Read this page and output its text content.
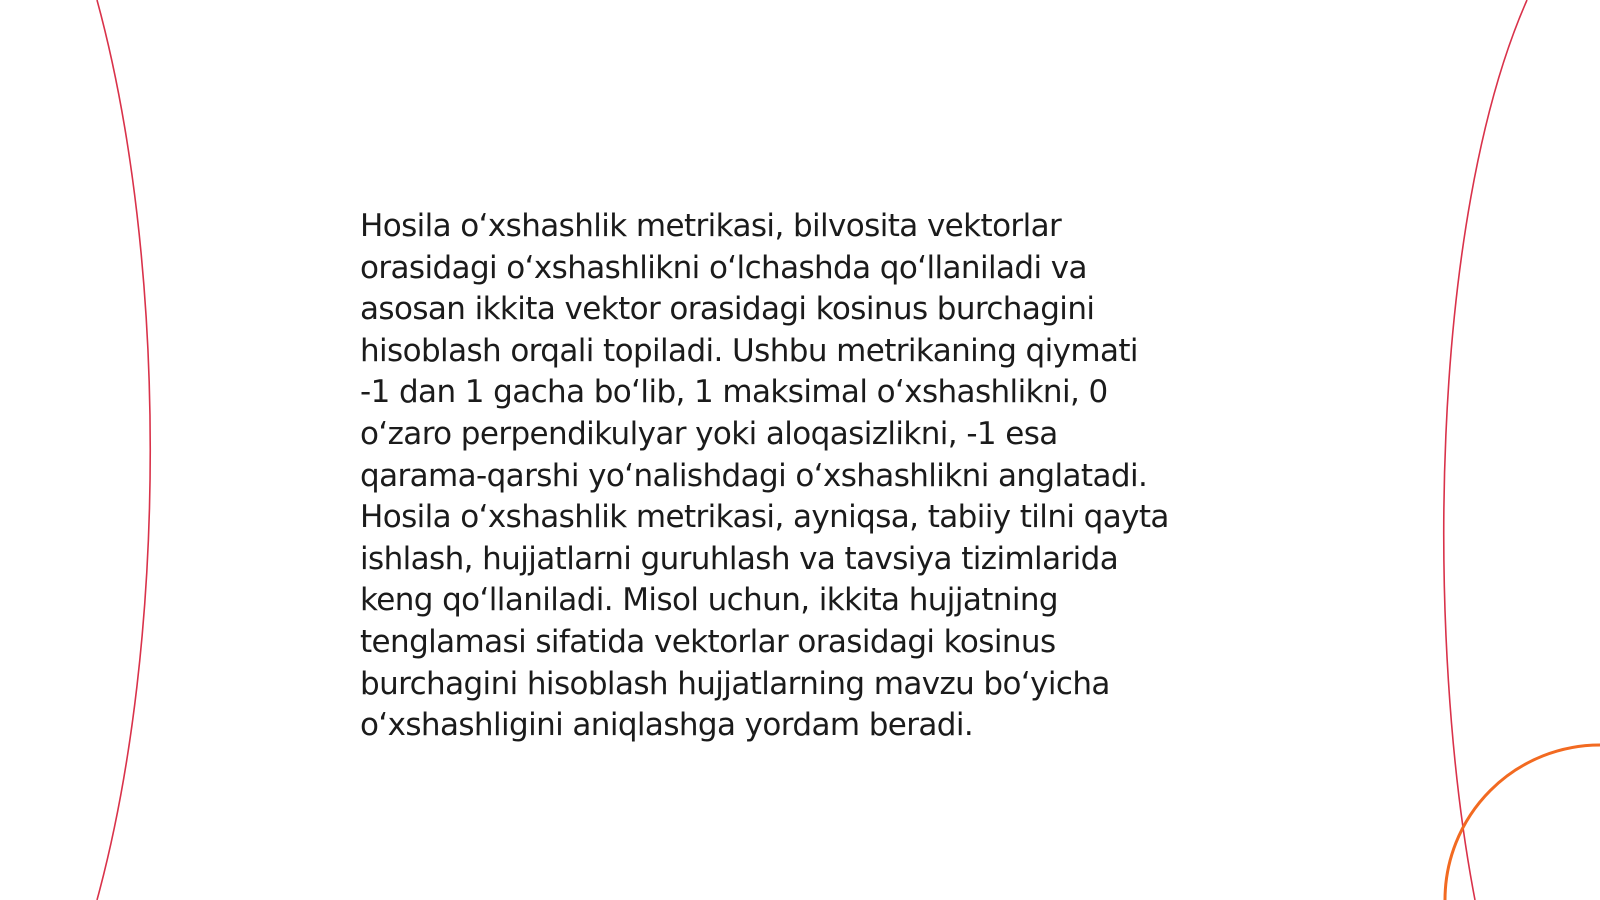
Hosila o‘xshashlik metrikasi, bilvosita vektorlar
orasidagi o‘xshashlikni o‘lchashda qo‘llaniladi va
asosan ikkita vektor orasidagi kosinus burchagini
hisoblash orqali topiladi. Ushbu metrikaning qiymati
-1 dan 1 gacha bo‘lib, 1 maksimal o‘xshashlikni, 0
o‘zaro perpendikulyar yoki aloqasizlikni, -1 esa
qarama-qarshi yo‘nalishdagi o‘xshashlikni anglatadi.
Hosila o‘xshashlik metrikasi, ayniqsa, tabiiy tilni qayta
ishlash, hujjatlarni guruhlash va tavsiya tizimlarida
keng qo‘llaniladi. Misol uchun, ikkita hujjatning
tenglamasi sifatida vektorlar orasidagi kosinus
burchagini hisoblash hujjatlarning mavzu bo‘yicha
o‘xshashligini aniqlashga yordam beradi.
